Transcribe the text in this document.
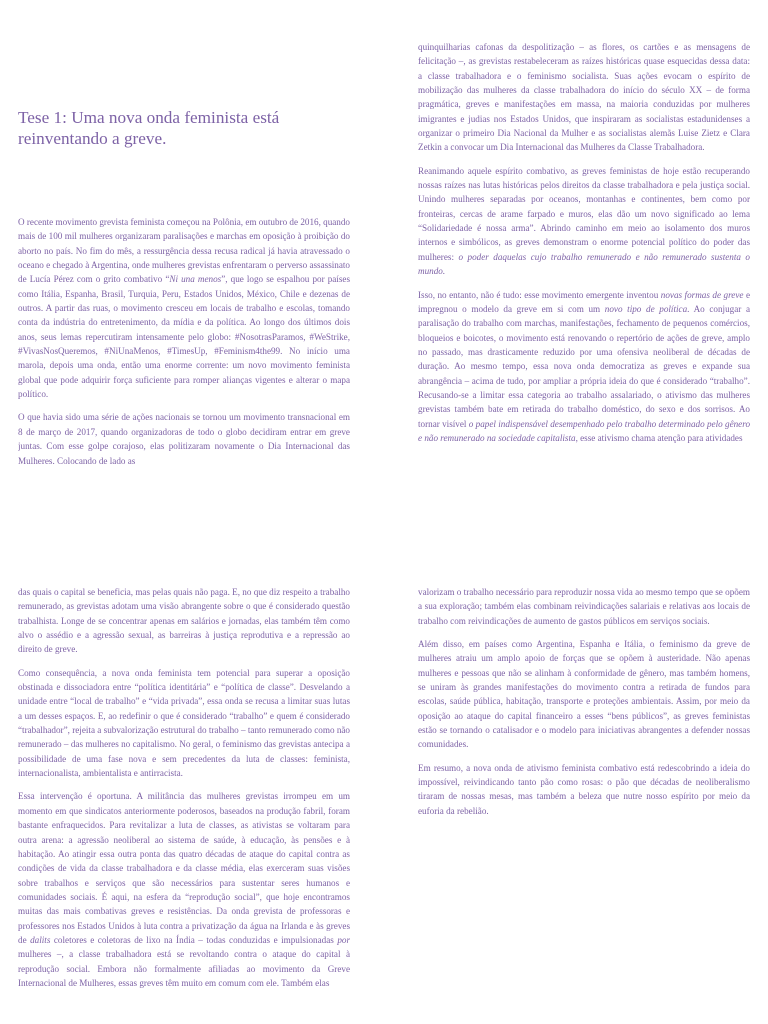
Tese 1: Uma nova onda feminista está
reinventando a greve.

O recente movimento grevista feminista começou na Polônia, em outubro de 2016, quando mais de 100 mil mulheres organizaram paralisações e marchas em oposição à proibição do aborto no país. No fim do mês, a ressurgência dessa recusa radical já havia atravessado o oceano e chegado à Argentina, onde mulheres grevistas enfrentaram o perverso assassinato de Lucía Pérez com o grito combativo “Ni una menos”, que logo se espalhou por países como Itália, Espanha, Brasil, Turquia, Peru, Estados Unidos, México, Chile e dezenas de outros. A partir das ruas, o movimento cresceu em locais de trabalho e escolas, tomando conta da indústria do entretenimento, da mídia e da política. Ao longo dos últimos dois anos, seus lemas repercutiram intensamente pelo globo: #NosotrasParamos, #WeStrike, #VivasNosQueremos, #NiUnaMenos, #TimesUp, #Feminism4the99. No início uma marola, depois uma onda, então uma enorme corrente: um novo movimento feminista global que pode adquirir força suficiente para romper alianças vigentes e alterar o mapa político.

O que havia sido uma série de ações nacionais se tornou um movimento transnacional em 8 de março de 2017, quando organizadoras de todo o globo decidiram entrar em greve juntas. Com esse golpe corajoso, elas politizaram novamente o Dia Internacional das Mulheres. Colocando de lado as

quinquilharias cafonas da despolitização – as flores, os cartões e as mensagens de felicitação –, as grevistas restabeleceram as raízes históricas quase esquecidas dessa data: a classe trabalhadora e o feminismo socialista. Suas ações evocam o espírito de mobilização das mulheres da classe trabalhadora do início do século XX – de forma pragmática, greves e manifestações em massa, na maioria conduzidas por mulheres imigrantes e judias nos Estados Unidos, que inspiraram as socialistas estadunidenses a organizar o primeiro Dia Nacional da Mulher e as socialistas alemãs Luise Zietz e Clara Zetkin a convocar um Dia Internacional das Mulheres da Classe Trabalhadora.

Reanimando aquele espírito combativo, as greves feministas de hoje estão recuperando nossas raízes nas lutas históricas pelos direitos da classe trabalhadora e pela justiça social. Unindo mulheres separadas por oceanos, montanhas e continentes, bem como por fronteiras, cercas de arame farpado e muros, elas dão um novo significado ao lema “Solidariedade é nossa arma”. Abrindo caminho em meio ao isolamento dos muros internos e simbólicos, as greves demonstram o enorme potencial político do poder das mulheres: o poder daquelas cujo trabalho remunerado e não remunerado sustenta o mundo.

Isso, no entanto, não é tudo: esse movimento emergente inventou novas formas de greve e impregnou o modelo da greve em si com um novo tipo de política. Ao conjugar a paralisação do trabalho com marchas, manifestações, fechamento de pequenos comércios, bloqueios e boicotes, o movimento está renovando o repertório de ações de greve, amplo no passado, mas drasticamente reduzido por uma ofensiva neoliberal de décadas de duração. Ao mesmo tempo, essa nova onda democratiza as greves e expande sua abrangência – acima de tudo, por ampliar a própria ideia do que é considerado “trabalho”. Recusando-se a limitar essa categoria ao trabalho assalariado, o ativismo das mulheres grevistas também bate em retirada do trabalho doméstico, do sexo e dos sorrisos. Ao tornar visível o papel indispensável desempenhado pelo trabalho determinado pelo gênero e não remunerado na sociedade capitalista, esse ativismo chama atenção para atividades

das quais o capital se beneficia, mas pelas quais não paga. E, no que diz respeito a trabalho remunerado, as grevistas adotam uma visão abrangente sobre o que é considerado questão trabalhista. Longe de se concentrar apenas em salários e jornadas, elas também têm como alvo o assédio e a agressão sexual, as barreiras à justiça reprodutiva e a repressão ao direito de greve.

Como consequência, a nova onda feminista tem potencial para superar a oposição obstinada e dissociadora entre “política identitária” e “política de classe”. Desvelando a unidade entre “local de trabalho” e “vida privada”, essa onda se recusa a limitar suas lutas a um desses espaços. E, ao redefinir o que é considerado “trabalho” e quem é considerado “trabalhador”, rejeita a subvalorização estrutural do trabalho – tanto remunerado como não remunerado – das mulheres no capitalismo. No geral, o feminismo das grevistas antecipa a possibilidade de uma fase nova e sem precedentes da luta de classes: feminista, internacionalista, ambientalista e antirracista.

Essa intervenção é oportuna. A militância das mulheres grevistas irrompeu em um momento em que sindicatos anteriormente poderosos, baseados na produção fabril, foram bastante enfraquecidos. Para revitalizar a luta de classes, as ativistas se voltaram para outra arena: a agressão neoliberal ao sistema de saúde, à educação, às pensões e à habitação. Ao atingir essa outra ponta das quatro décadas de ataque do capital contra as condições de vida da classe trabalhadora e da classe média, elas exerceram suas visões sobre trabalhos e serviços que são necessários para sustentar seres humanos e comunidades sociais. É aqui, na esfera da “reprodução social”, que hoje encontramos muitas das mais combativas greves e resistências. Da onda grevista de professoras e professores nos Estados Unidos à luta contra a privatização da água na Irlanda e às greves de dalits coletores e coletoras de lixo na Índia – todas conduzidas e impulsionadas por mulheres –, a classe trabalhadora está se revoltando contra o ataque do capital à reprodução social. Embora não formalmente afiliadas ao movimento da Greve Internacional de Mulheres, essas greves têm muito em comum com ele. Também elas

valorizam o trabalho necessário para reproduzir nossa vida ao mesmo tempo que se opõem a sua exploração; também elas combinam reivindicações salariais e relativas aos locais de trabalho com reivindicações de aumento de gastos públicos em serviços sociais.

Além disso, em países como Argentina, Espanha e Itália, o feminismo da greve de mulheres atraiu um amplo apoio de forças que se opõem à austeridade. Não apenas mulheres e pessoas que não se alinham à conformidade de gênero, mas também homens, se uniram às grandes manifestações do movimento contra a retirada de fundos para escolas, saúde pública, habitação, transporte e proteções ambientais. Assim, por meio da oposição ao ataque do capital financeiro a esses “bens públicos”, as greves feministas estão se tornando o catalisador e o modelo para iniciativas abrangentes a defender nossas comunidades.

Em resumo, a nova onda de ativismo feminista combativo está redescobrindo a ideia do impossível, reivindicando tanto pão como rosas: o pão que décadas de neoliberalismo tiraram de nossas mesas, mas também a beleza que nutre nosso espírito por meio da euforia da rebelião.
